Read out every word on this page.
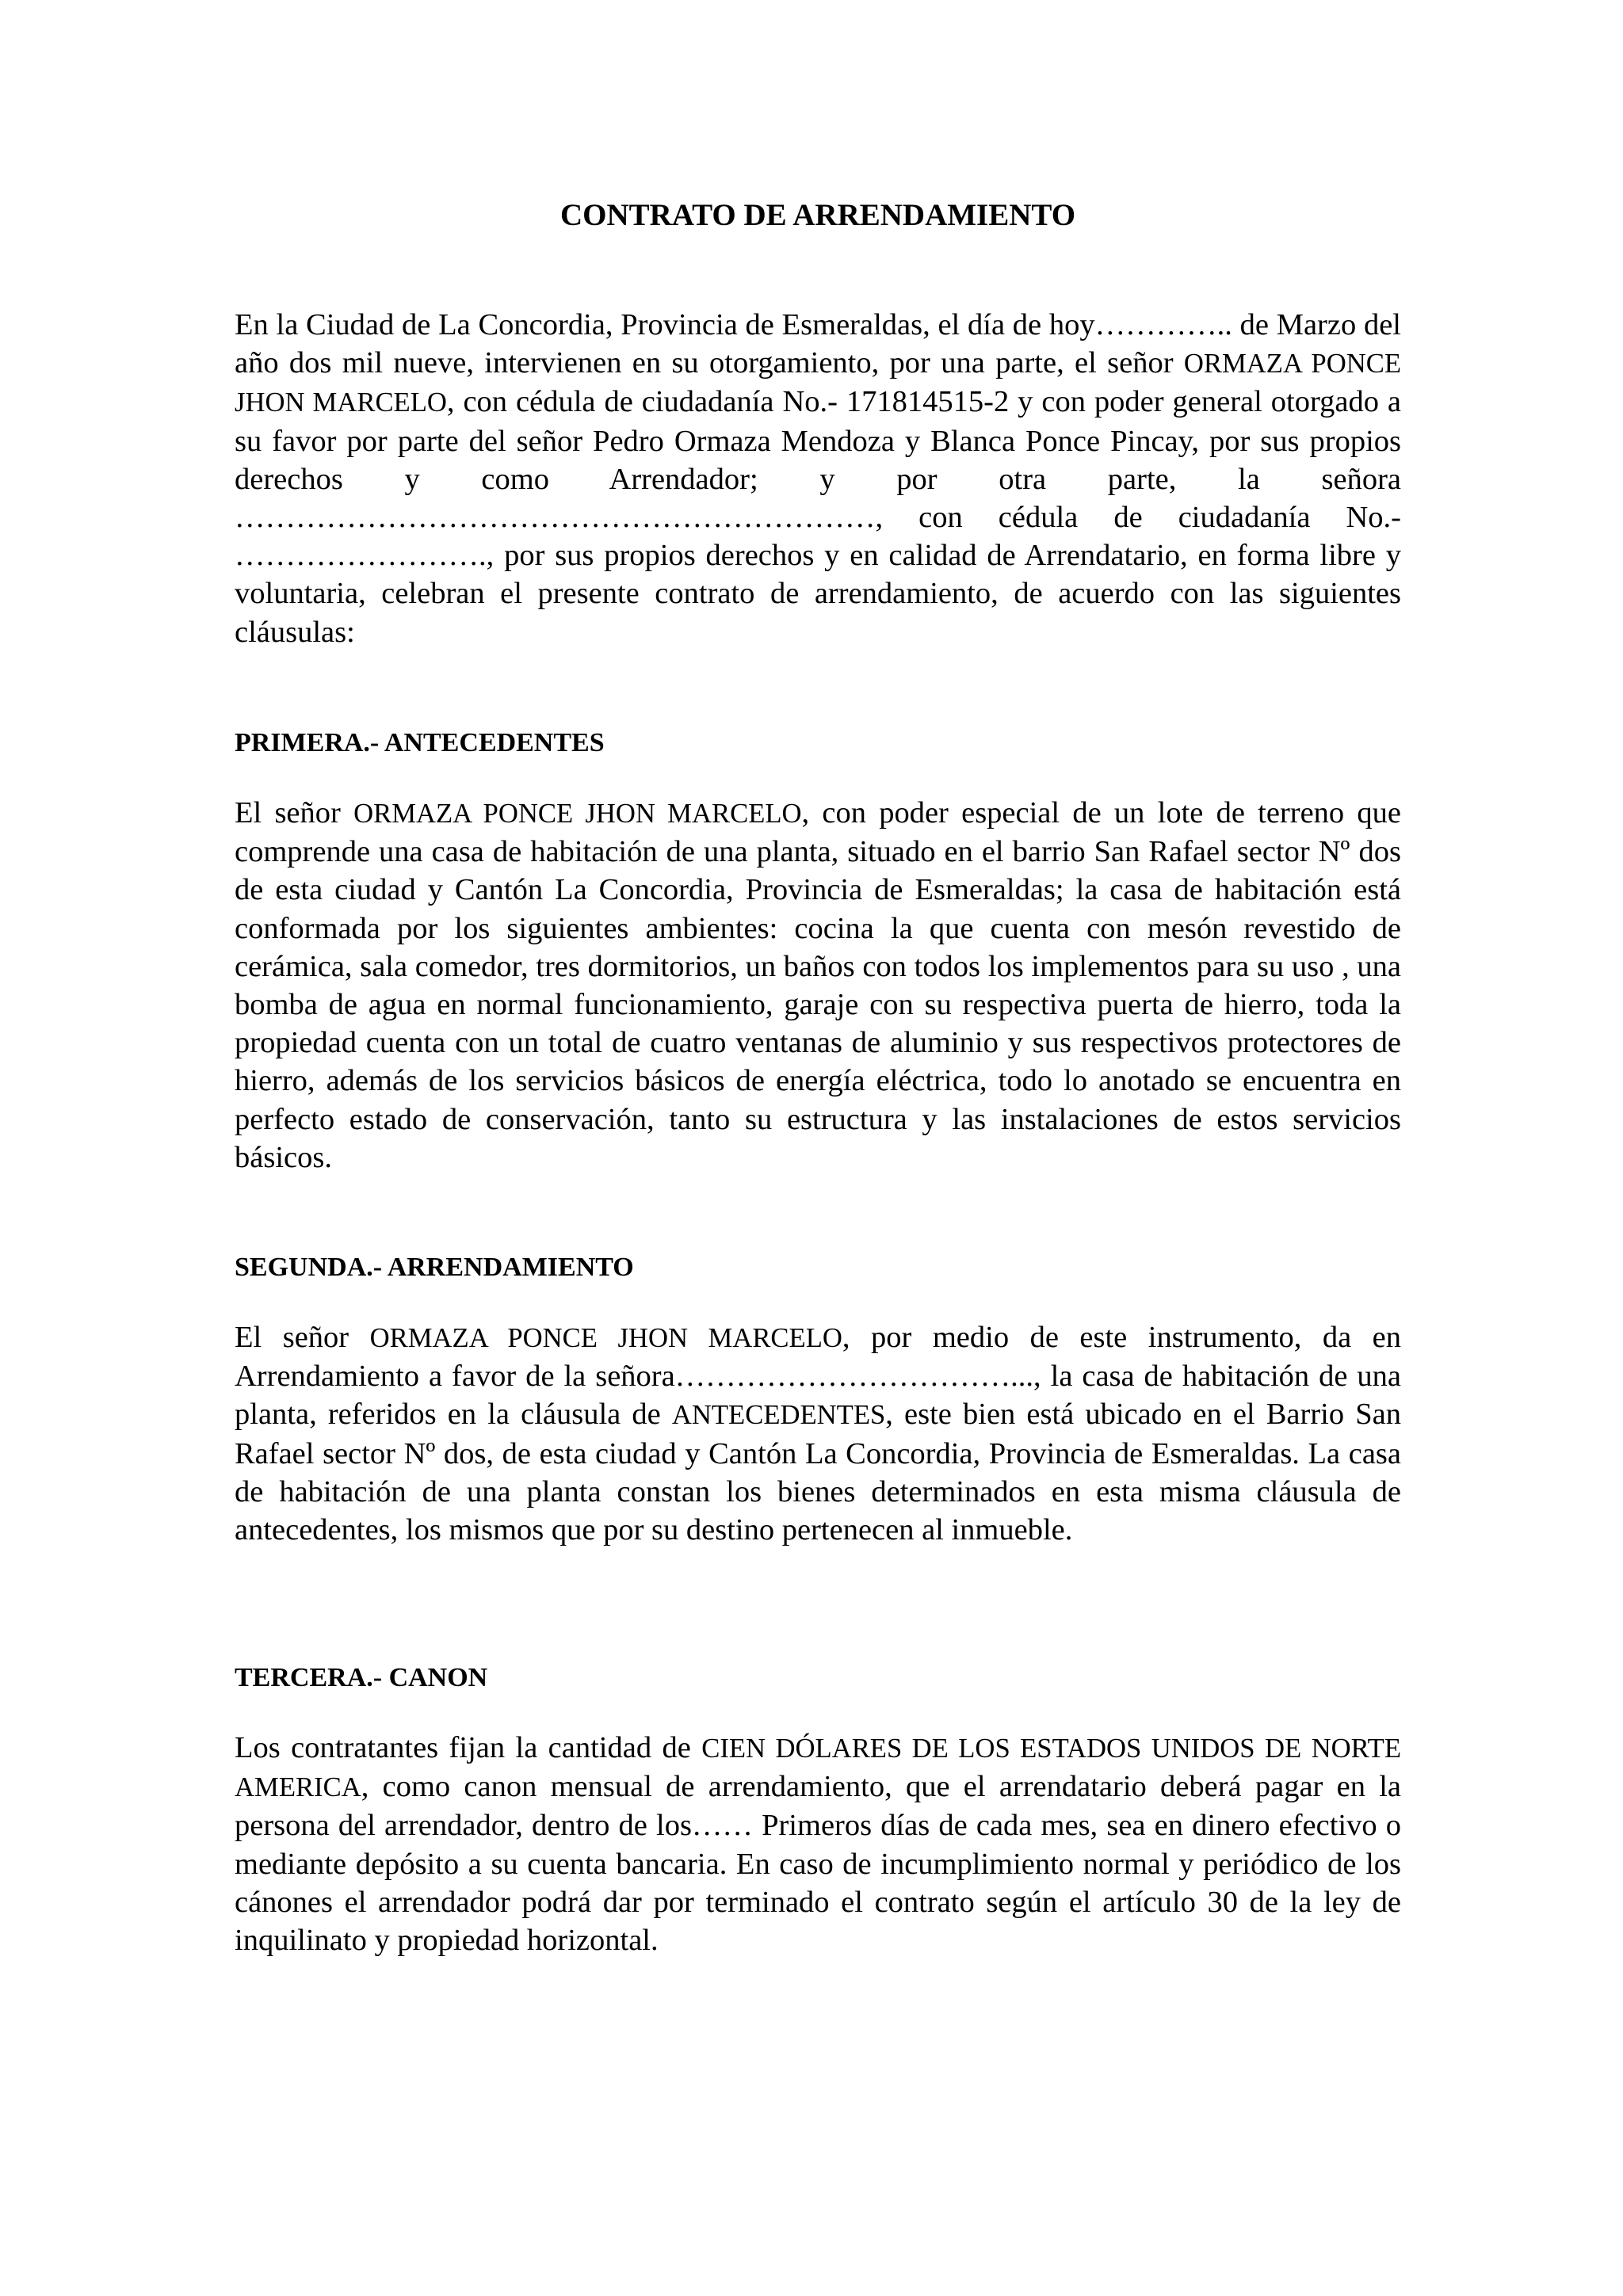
CONTRATO DE ARRENDAMIENTO

En la Ciudad de La Concordia, Provincia de Esmeraldas, el día de hoy………….. de Marzo del año dos mil nueve, intervienen en su otorgamiento, por una parte, el señor ORMAZA PONCE JHON MARCELO, con cédula de ciudadanía No.- 171814515-2 y con poder general otorgado a su favor por parte del señor Pedro Ormaza Mendoza y Blanca Ponce Pincay, por sus propios derechos y como Arrendador; y por otra parte, la señora ………………………………………………………, con cédula de ciudadanía No.- ……………………., por sus propios derechos y en calidad de Arrendatario, en forma libre y voluntaria, celebran el presente contrato de arrendamiento, de acuerdo con las siguientes cláusulas:

PRIMERA.- ANTECEDENTES

El señor ORMAZA PONCE JHON MARCELO, con poder especial de un lote de terreno que comprende una casa de habitación de una planta, situado en el barrio San Rafael sector Nº dos de esta ciudad y Cantón La Concordia, Provincia de Esmeraldas; la casa de habitación está conformada por los siguientes ambientes: cocina la que cuenta con mesón revestido de cerámica, sala comedor, tres dormitorios, un baños con todos los implementos para su uso , una bomba de agua en normal funcionamiento, garaje con su respectiva puerta de hierro, toda la propiedad cuenta con un total de cuatro ventanas de aluminio y sus respectivos protectores de hierro, además de los servicios básicos de energía eléctrica, todo lo anotado se encuentra en perfecto estado de conservación, tanto su estructura y las instalaciones de estos servicios básicos.

SEGUNDA.- ARRENDAMIENTO

El señor ORMAZA PONCE JHON MARCELO, por medio de este instrumento, da en Arrendamiento a favor de la señora……………………………..., la casa de habitación de una planta, referidos en la cláusula de ANTECEDENTES, este bien está ubicado en el Barrio San Rafael sector Nº dos, de esta ciudad y Cantón La Concordia, Provincia de Esmeraldas. La casa de habitación de una planta constan los bienes determinados en esta misma cláusula de antecedentes, los mismos que por su destino pertenecen al inmueble.

TERCERA.- CANON

Los contratantes fijan la cantidad de CIEN DÓLARES DE LOS ESTADOS UNIDOS DE NORTE AMERICA, como canon mensual de arrendamiento, que el arrendatario deberá pagar en la persona del arrendador, dentro de los…… Primeros días de cada mes, sea en dinero efectivo o mediante depósito a su cuenta bancaria. En caso de incumplimiento normal y periódico de los cánones el arrendador podrá dar por terminado el contrato según el artículo 30 de la ley de inquilinato y propiedad horizontal.
